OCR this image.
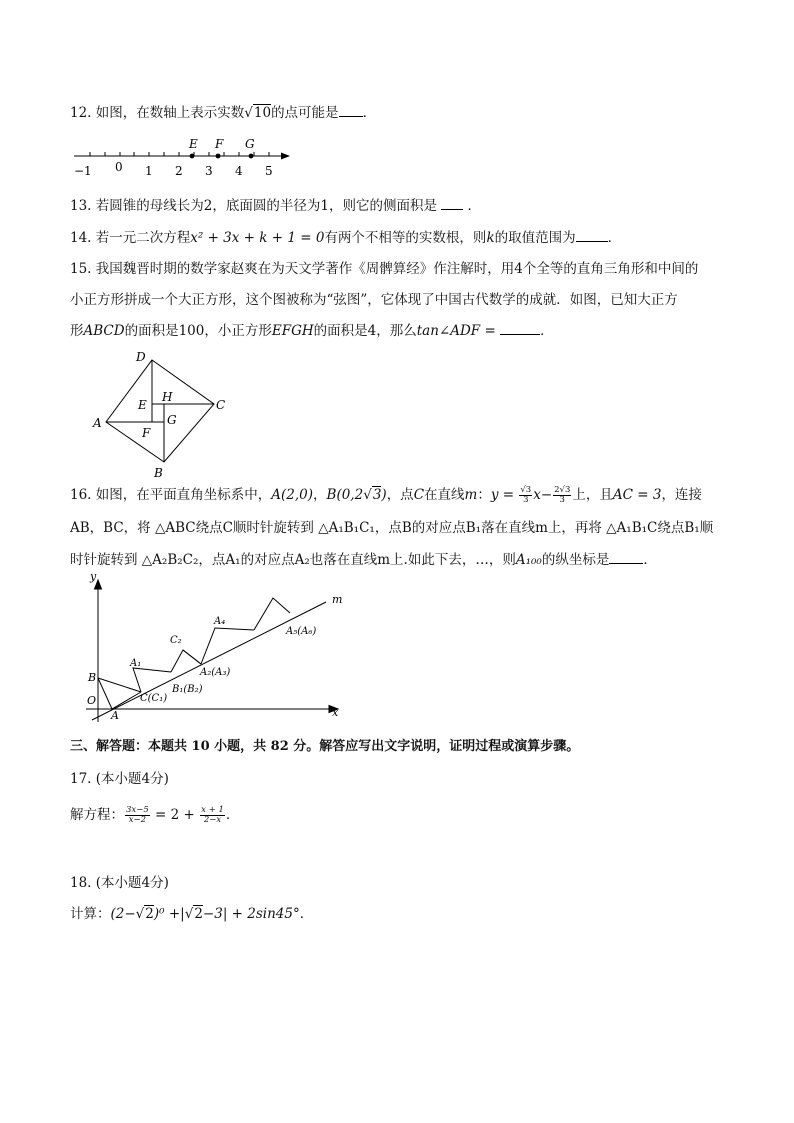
12. 如图，在数轴上表示实数√10的点可能是 ．
E F G
−1 0 1 2 3 4 5
13. 若圆锥的母线长为2，底面圆的半径为1，则它的侧面积是 ．
14. 若一元二次方程x² + 3x + k + 1 = 0有两个不相等的实数根，则k的取值范围为 ．
15. 我国魏晋时期的数学家赵爽在为天文学著作《周髀算经》作注解时，用4个全等的直角三角形和中间的
小正方形拼成一个大正方形，这个图被称为“弦图”，它体现了中国古代数学的成就．如图，已知大正方
形ABCD的面积是100，小正方形EFGH的面积是4，那么tan∠ADF =	．
D
A
B
C
E
H
G
F
16. 如图，在平面直角坐标系中，A(2,0)，B(0,2√3)，点C在直线m：$y = \frac{√3}{3} x- \frac{2√3}{3}$ 上，且AC = 3，连接
AB，BC，将 △ABC绕点C顺时针旋转到 △A₁B₁C₁，点B的对应点B₁落在直线m上，再将 △A₁B₁C绕点B₁顺
时针旋转到 △A₂B₂C₂，点A₁的对应点A₂也落在直线m上.如此下去，…，则A₁₀₀的纵坐标是	．
y
x
m
O
A
B
C(C₁)
A₁
B₁(B₂)
C₂
A₂(A₃)
A₄
A₅(A₆)
三、解答题：本题共 10 小题，共 82 分。解答应写出文字说明，证明过程或演算步骤。
17. (本小题4分)
解方程： $\frac{3x-5}{x-2} = 2 + \frac{x + 1}{2-x}$ ．
18. (本小题4分)
计算：(2−√2)⁰ +|√2−3| + 2sin45°．
